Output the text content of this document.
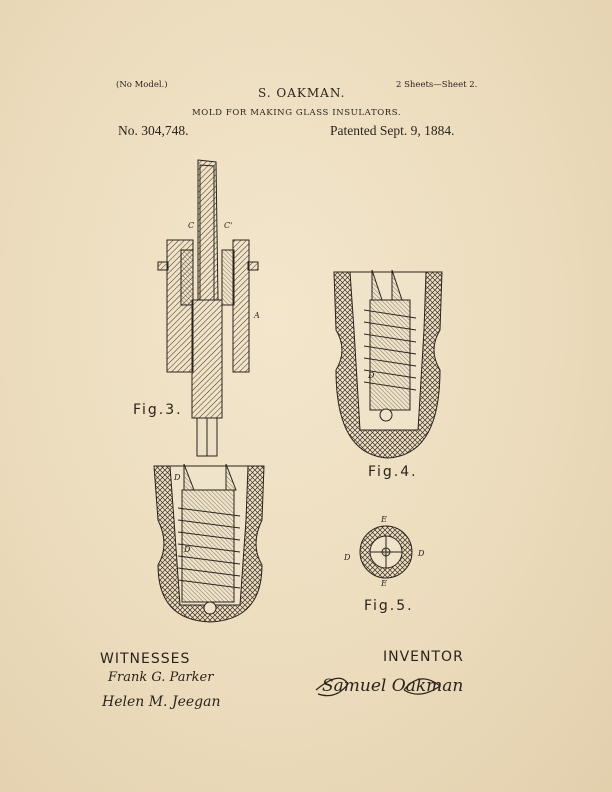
(No Model.)
S. OAKMAN.
2 Sheets—Sheet 2.
MOLD FOR MAKING GLASS INSULATORS.
No. 304,748.	Patented Sept. 9, 1884.
C	C'
A
D
E
E
D	D
D
D
Fig.3.
Fig.4.
Fig.5.
WITNESSES	INVENTOR
Frank G. Parker
Helen M. Jeegan
Samuel Oakman
